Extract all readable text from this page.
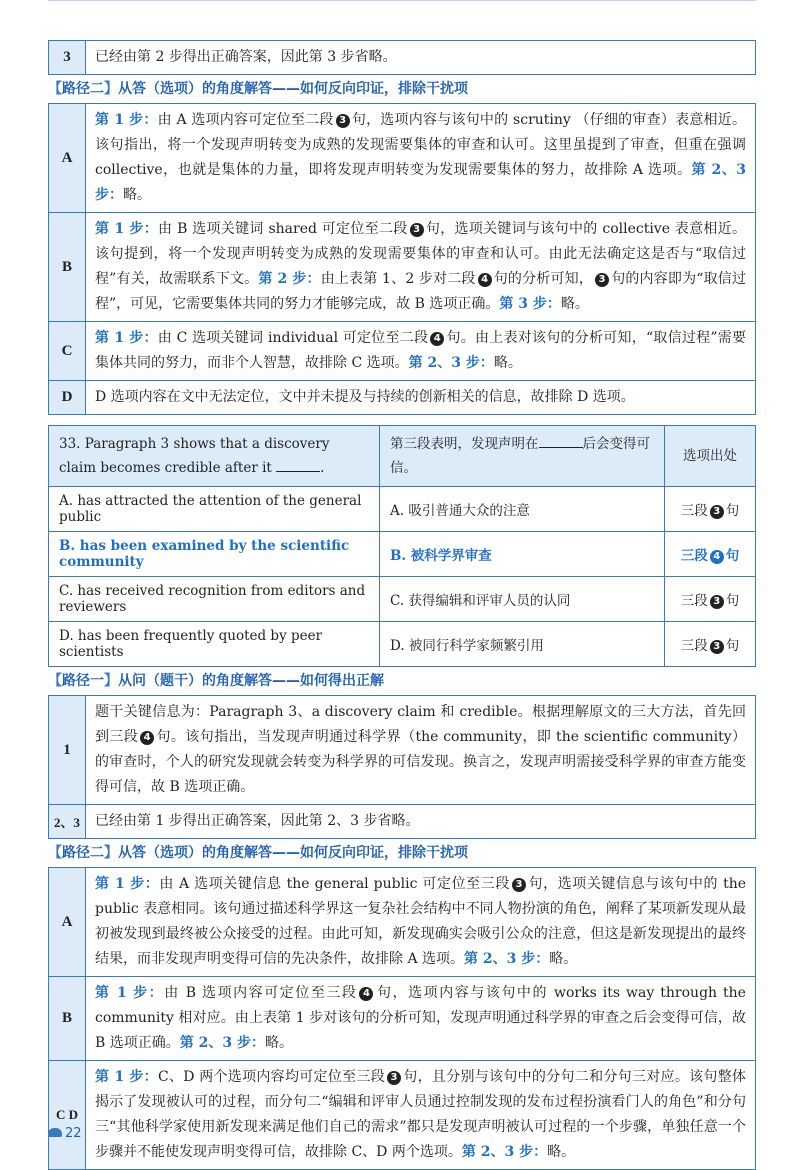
3	已经由第 2 步得出正确答案，因此第 3 步省略。
【路径二】从答（选项）的角度解答——如何反向印证，排除干扰项
A	第 1 步：由 A 选项内容可定位至二段 3 句，选项内容与该句中的 scrutiny （仔细的审查）表意相近。该句指出，将一个发现声明转变为成熟的发现需要集体的审查和认可。这里虽提到了审查，但重在强调 collective，也就是集体的力量，即将发现声明转变为发现需要集体的努力，故排除 A 选项。第 2、3 步：略。
B	第 1 步：由 B 选项关键词 shared 可定位至二段 3 句，选项关键词与该句中的 collective 表意相近。该句提到，将一个发现声明转变为成熟的发现需要集体的审查和认可。由此无法确定这是否与“取信过程”有关，故需联系下文。第 2 步：由上表第 1、2 步对二段 4 句的分析可知， 3 句的内容即为“取信过程”，可见，它需要集体共同的努力才能够完成，故 B 选项正确。第 3 步：略。
C	第 1 步：由 C 选项关键词 individual 可定位至二段 4 句。由上表对该句的分析可知，“取信过程”需要集体共同的努力，而非个人智慧，故排除 C 选项。第 2、3 步：略。
D	D 选项内容在文中无法定位，文中并未提及与持续的创新相关的信息，故排除 D 选项。
33. Paragraph 3 shows that a discovery claim becomes credible after it .	第三段表明，发现声明在 后会变得可信。	选项出处
A. has attracted the attention of the general public	A. 吸引普通大众的注意	三段 3 句
B. has been examined by the scientific community	B. 被科学界审查	三段 4 句
C. has received recognition from editors and reviewers	C. 获得编辑和评审人员的认同	三段 3 句
D. has been frequently quoted by peer scientists	D. 被同行科学家频繁引用	三段 3 句
【路径一】从问（题干）的角度解答——如何得出正解
1	题干关键信息为：Paragraph 3、a discovery claim 和 credible。根据理解原文的三大方法，首先回到三段 4 句。该句指出，当发现声明通过科学界（the community，即 the scientific community）的审查时，个人的研究发现就会转变为科学界的可信发现。换言之，发现声明需接受科学界的审查方能变得可信，故 B 选项正确。
2、3	已经由第 1 步得出正确答案，因此第 2、3 步省略。
【路径二】从答（选项）的角度解答——如何反向印证，排除干扰项
A	第 1 步：由 A 选项关键信息 the general public 可定位至三段 3 句，选项关键信息与该句中的 the public 表意相同。该句通过描述科学界这一复杂社会结构中不同人物扮演的角色，阐释了某项新发现从最初被发现到最终被公众接受的过程。由此可知，新发现确实会吸引公众的注意，但这是新发现提出的最终结果，而非发现声明变得可信的先决条件，故排除 A 选项。第 2、3 步：略。
B	第 1 步：由 B 选项内容可定位至三段 4 句，选项内容与该句中的 works its way through the community 相对应。由上表第 1 步对该句的分析可知，发现声明通过科学界的审查之后会变得可信，故 B 选项正确。第 2、3 步：略。
C D	第 1 步：C、D 两个选项内容均可定位至三段 3 句，且分别与该句中的分句二和分句三对应。该句整体揭示了发现被认可的过程，而分句二“编辑和评审人员通过控制发现的发布过程扮演看门人的角色”和分句三“其他科学家使用新发现来满足他们自己的需求”都只是发现声明被认可过程的一个步骤，单独任意一个步骤并不能使发现声明变得可信，故排除 C、D 两个选项。第 2、3 步：略。
22
